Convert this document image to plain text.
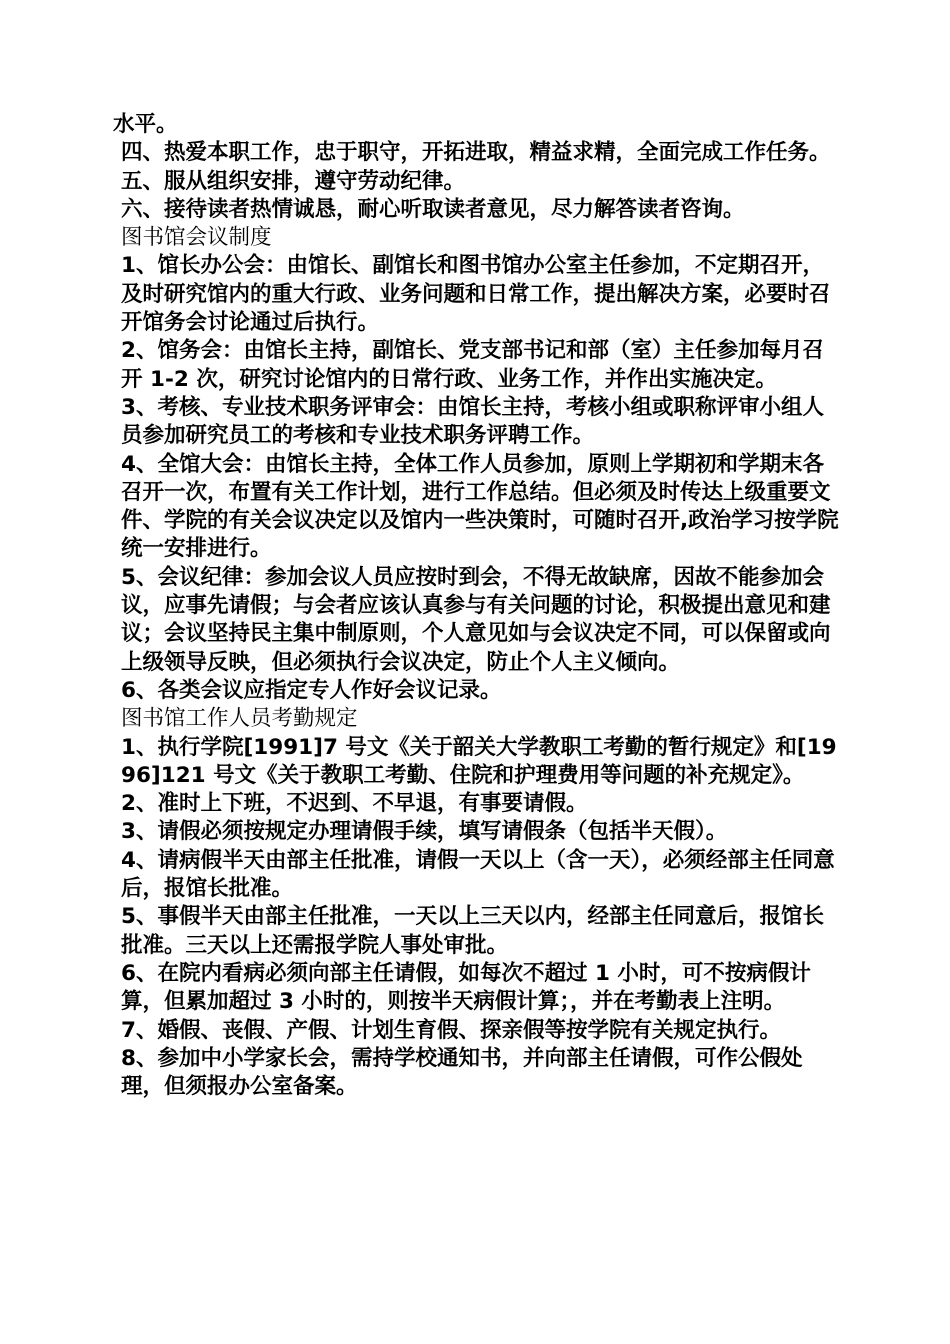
水平。

四、热爱本职工作，忠于职守，开拓进取，精益求精，全面完成工作任务。

五、服从组织安排，遵守劳动纪律。

六、接待读者热情诚恳，耐心听取读者意见，尽力解答读者咨询。

图书馆会议制度

1、馆长办公会：由馆长、副馆长和图书馆办公室主任参加，不定期召开，及时研究馆内的重大行政、业务问题和日常工作，提出解决方案，必要时召开馆务会讨论通过后执行。

2、馆务会：由馆长主持，副馆长、党支部书记和部（室）主任参加每月召开 1-2 次，研究讨论馆内的日常行政、业务工作，并作出实施决定。

3、考核、专业技术职务评审会：由馆长主持，考核小组或职称评审小组人员参加研究员工的考核和专业技术职务评聘工作。

4、全馆大会：由馆长主持，全体工作人员参加，原则上学期初和学期末各召开一次，布置有关工作计划，进行工作总结。但必须及时传达上级重要文件、学院的有关会议决定以及馆内一些决策时，可随时召开,政治学习按学院统一安排进行。

5、会议纪律：参加会议人员应按时到会，不得无故缺席，因故不能参加会议，应事先请假；与会者应该认真参与有关问题的讨论，积极提出意见和建议；会议坚持民主集中制原则，个人意见如与会议决定不同，可以保留或向上级领导反映，但必须执行会议决定，防止个人主义倾向。

6、各类会议应指定专人作好会议记录。

图书馆工作人员考勤规定

1、执行学院[1991]7 号文《关于韶关大学教职工考勤的暂行规定》和[1996]121 号文《关于教职工考勤、住院和护理费用等问题的补充规定》。

2、准时上下班，不迟到、不早退，有事要请假。

3、请假必须按规定办理请假手续，填写请假条（包括半天假）。

4、请病假半天由部主任批准，请假一天以上（含一天），必须经部主任同意后，报馆长批准。

5、事假半天由部主任批准，一天以上三天以内，经部主任同意后，报馆长批准。三天以上还需报学院人事处审批。

6、在院内看病必须向部主任请假，如每次不超过 1 小时，可不按病假计算，但累加超过 3 小时的，则按半天病假计算；，并在考勤表上注明。

7、婚假、丧假、产假、计划生育假、探亲假等按学院有关规定执行。

8、参加中小学家长会，需持学校通知书，并向部主任请假，可作公假处理，但须报办公室备案。
